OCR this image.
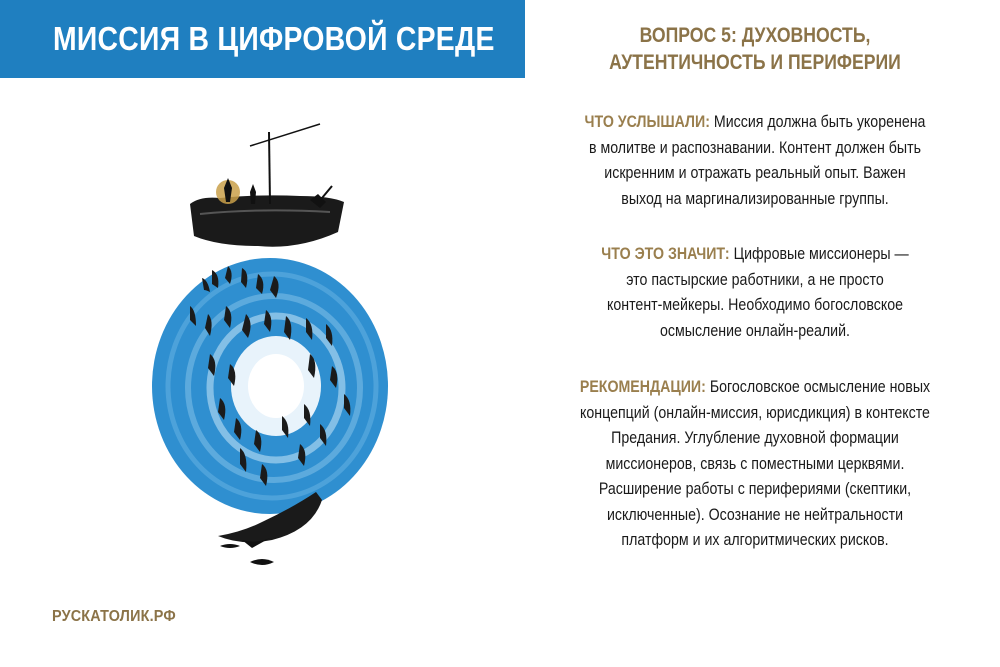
МИССИЯ В ЦИФРОВОЙ СРЕДЕ
РУСКАТОЛИК.РФ
ВОПРОС 5: ДУХОВНОСТЬ,
АУТЕНТИЧНОСТЬ И ПЕРИФЕРИИ
ЧТО УСЛЫШАЛИ: Миссия должна быть укоренена
в молитве и распознавании. Контент должен быть
искренним и отражать реальный опыт. Важен
выход на маргинализированные группы.
ЧТО ЭТО ЗНАЧИТ: Цифровые миссионеры —
это пастырские работники, а не просто
контент-мейкеры. Необходимо богословское
осмысление онлайн-реалий.
РЕКОМЕНДАЦИИ: Богословское осмысление новых
концепций (онлайн-миссия, юрисдикция) в контексте
Предания. Углубление духовной формации
миссионеров, связь с поместными церквями.
Расширение работы с перифериями (скептики,
исключенные). Осознание не нейтральности
платформ и их алгоритмических рисков.
